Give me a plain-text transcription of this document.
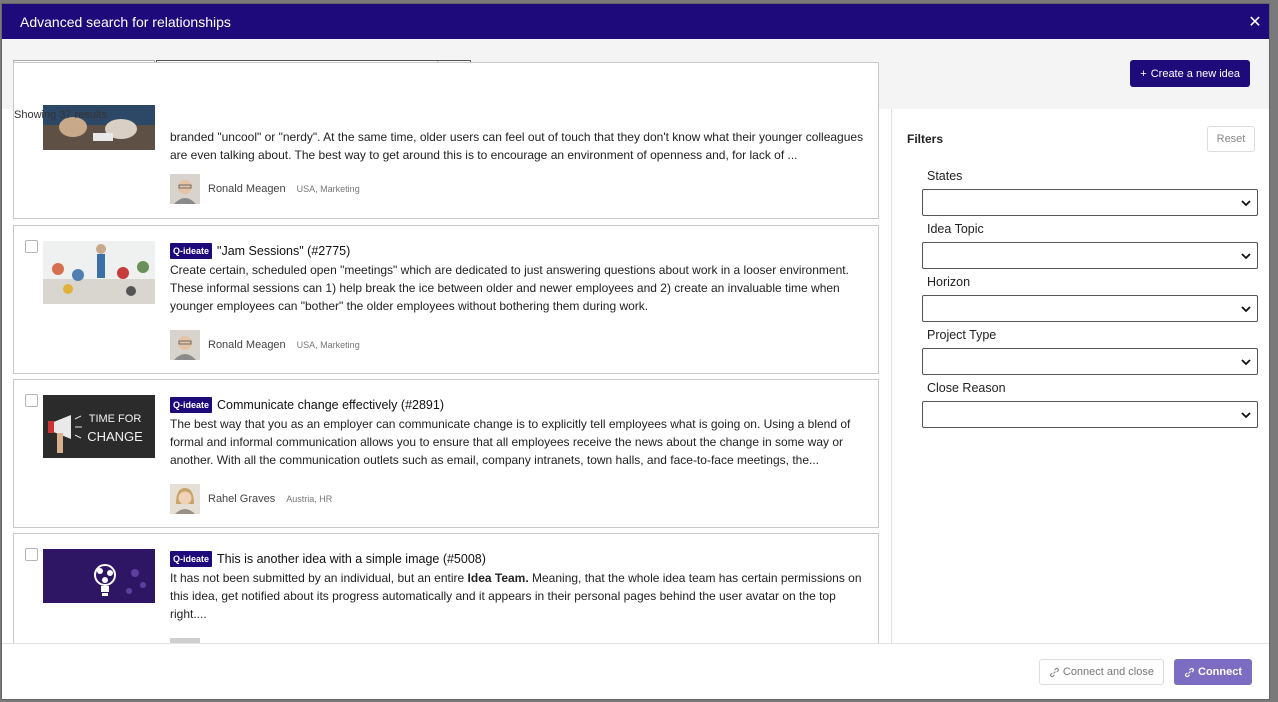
Advanced search for relationships	✕
some
+ Create a new idea
Showing 37 results
branded "uncool" or "nerdy". At the same time, older users can feel out of touch that they don't know what their younger colleagues are even talking about. The best way to get around this is to encourage an environment of openness and, for lack of ...
Ronald Meagen USA, Marketing
Q-ideate "Jam Sessions" (#2775)
Create certain, scheduled open "meetings" which are dedicated to just answering questions about work in a looser environment. These informal sessions can 1) help break the ice between older and newer employees and 2) create an invaluable time when younger employees can "bother" the older employees without bothering them during work.
Ronald Meagen USA, Marketing
TIME FOR
CHANGE
Q-ideate Communicate change effectively (#2891)
The best way that you as an employer can communicate change is to explicitly tell employees what is going on. Using a blend of formal and informal communication allows you to ensure that all employees receive the news about the change in some way or another. With all the communication outlets such as email, company intranets, town halls, and face-to-face meetings, the...
Rahel Graves Austria, HR
Q-ideate This is another idea with a simple image (#5008)
It has not been submitted by an individual, but an entire Idea Team. Meaning, that the whole idea team has certain permissions on this idea, get notified about its progress automatically and it appears in their personal pages behind the user avatar on the top right....
Filters	Reset
States
Idea Topic
Horizon
Project Type
Close Reason
Connect and close	Connect
